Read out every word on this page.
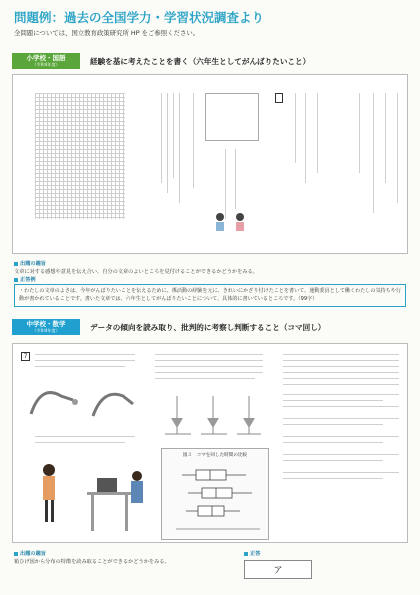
問題例：過去の全国学力・学習状況調査より
全問題については、国立教育政策研究所 HP をご参照ください。
小学校・国語
（令和4年度）	経験を基に考えたことを書く（六年生としてがんばりたいこと）
出題の趣旨
文章に対する感想や意見を伝え合い、自分の文章のよいところを見付けることができるかどうかをみる。
正答例
・わたしの文章のよさは、今年がんばりたいことを伝えるために、係活動の経験を元に、きれいにかざり付けたことを書いて、運動委員として働くわたしの気持ちや行動が書かれていることです。書いた文章では、六年生としてがんばりたいことについて、具体的に書いているところです。（99字）
中学校・数学
（令和4年度）	データの傾向を読み取り、批判的に考察し判断すること（コマ回し）
7
図３　コマを回した時間の比較
出題の趣旨
箱ひげ図から分布の特徴を読み取ることができるかどうかをみる。
正答
ア
